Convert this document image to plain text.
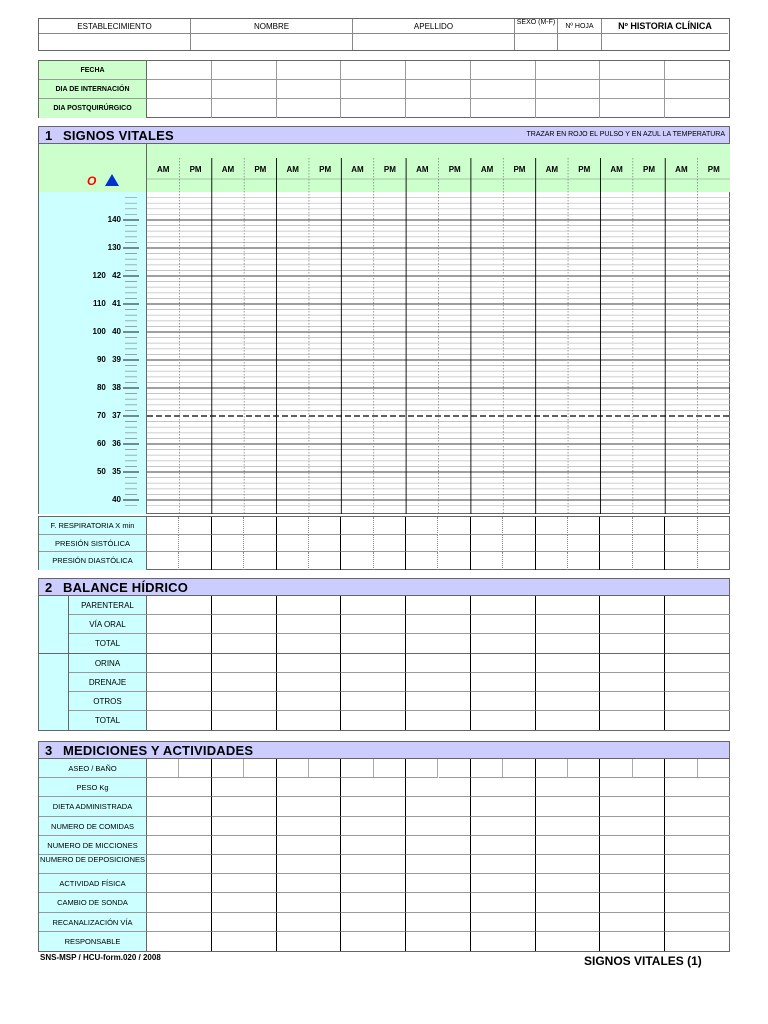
ESTABLECIMIENTO	NOMBRE	APELLIDO	SEXO (M-F)
Nº HOJA	Nº HISTORIA CLÍNICA
FECHA
DIA DE INTERNACIÓN
DIA POSTQUIRÚRGICO
1 SIGNOS VITALES	TRAZAR EN ROJO EL PULSO Y EN AZUL LA TEMPERATURA
O
AM	PM	AM	PM	AM	PM	AM	PM	AM	PM	AM	PM	AM	PM	AM	PM	AM	PM
140
130
120 42
110 41
100 40
90 39
80 38
70 37
60 36
50 35
40
F. RESPIRATORIA X min
PRESIÓN SISTÓLICA
PRESIÓN DIASTÓLICA
2 BALANCE HÍDRICO
PARENTERAL
VÍA ORAL
TOTAL
ORINA
DRENAJE
OTROS
TOTAL
3 MEDICIONES Y ACTIVIDADES
ASEO / BAÑO
PESO Kg
DIETA ADMINISTRADA
NUMERO DE COMIDAS
NUMERO DE MICCIONES
NUMERO DE DEPOSICIONES
ACTIVIDAD FÍSICA
CAMBIO DE SONDA
RECANALIZACIÓN VÍA
RESPONSABLE
SNS-MSP / HCU-form.020 / 2008	SIGNOS VITALES (1)
